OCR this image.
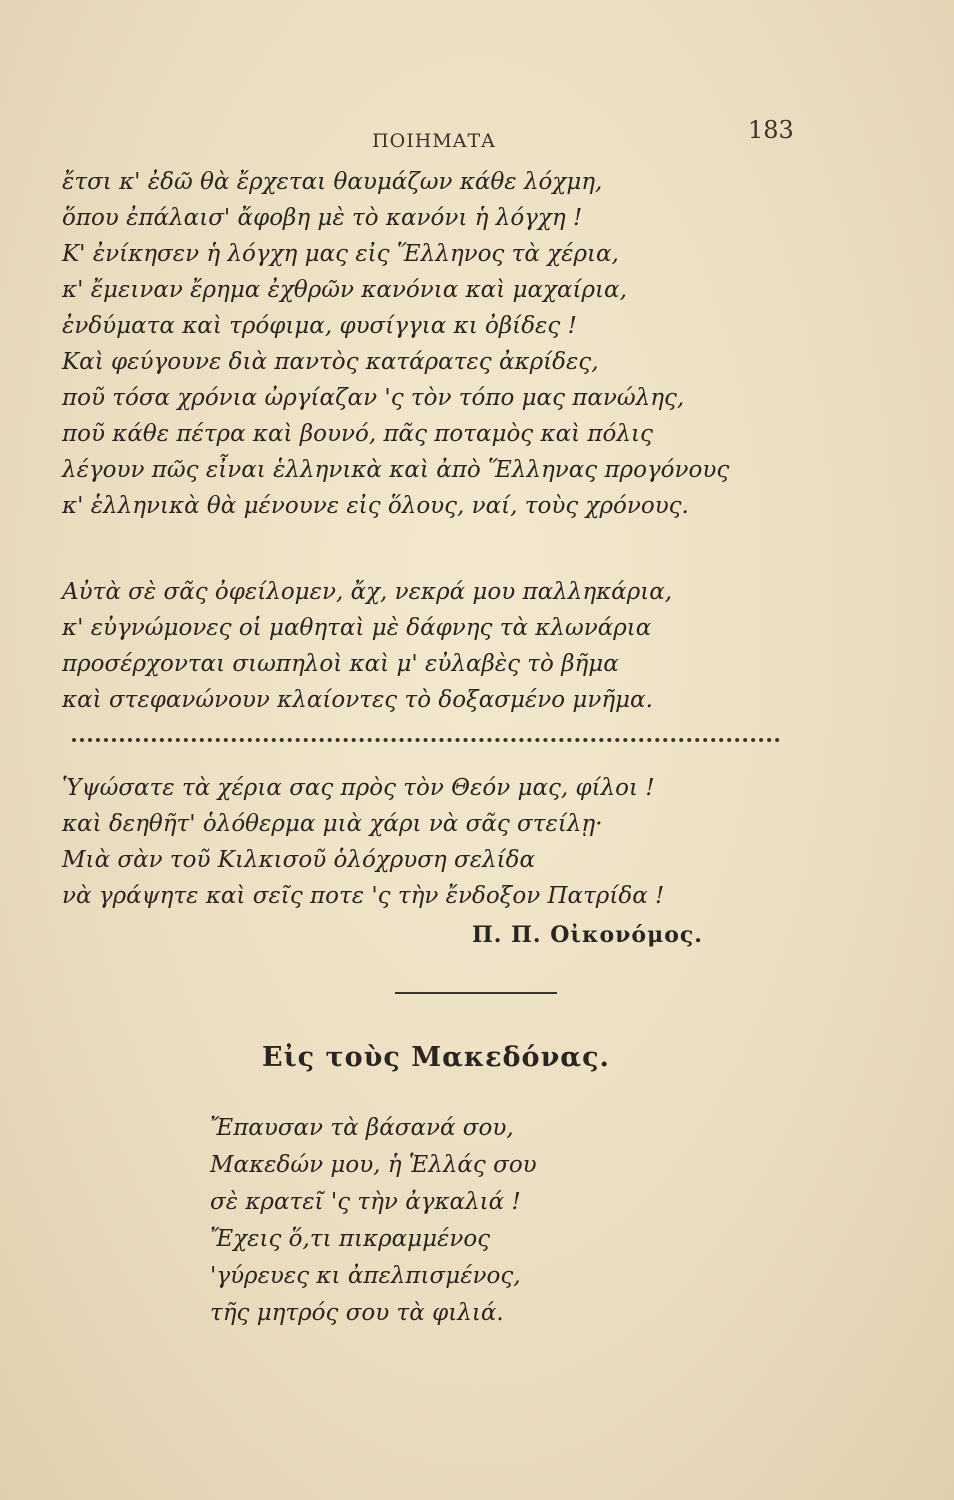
ΠΟΙΗΜΑΤΑ	183
ἔτσι κ' ἐδῶ θὰ ἔρχεται θαυμάζων κάθε λόχμη,
ὅπου ἐπάλαισ' ἄφοβη μὲ τὸ κανόνι ἡ λόγχη !
Κ' ἐνίκησεν ἡ λόγχη μας εἰς Ἕλληνος τὰ χέρια,
κ' ἔμειναν ἔρημα ἐχθρῶν κανόνια καὶ μαχαίρια,
ἐνδύματα καὶ τρόφιμα, φυσίγγια κι ὀβίδες !
Καὶ φεύγουνε διὰ παντὸς κατάρατες ἀκρίδες,
ποῦ τόσα χρόνια ὠργίαζαν 'ς τὸν τόπο μας πανώλης,
ποῦ κάθε πέτρα καὶ βουνό, πᾶς ποταμὸς καὶ πόλις
λέγουν πῶς εἶναι ἑλληνικὰ καὶ ἀπὸ Ἕλληνας προγόνους
κ' ἑλληνικὰ θὰ μένουνε εἰς ὅλους, ναί, τοὺς χρόνους.
Αὐτὰ σὲ σᾶς ὀφείλομεν, ἄχ, νεκρά μου παλληκάρια,
κ' εὐγνώμονες οἱ μαθηταὶ μὲ δάφνης τὰ κλωνάρια
προσέρχονται σιωπηλοὶ καὶ μ' εὐλαβὲς τὸ βῆμα
καὶ στεφανώνουν κλαίοντες τὸ δοξασμένο μνῆμα.
Ὑψώσατε τὰ χέρια σας πρὸς τὸν Θεόν μας, φίλοι !
καὶ δεηθῆτ' ὁλόθερμα μιὰ χάρι νὰ σᾶς στείλῃ·
Μιὰ σὰν τοῦ Κιλκισοῦ ὁλόχρυση σελίδα
νὰ γράψητε καὶ σεῖς ποτε 'ς τὴν ἔνδοξον Πατρίδα !
Π. Π. Οἰκονόμος.
Εἰς τοὺς Μακεδόνας.
Ἔπαυσαν τὰ βάσανά σου,
Μακεδών μου, ἡ Ἑλλάς σου
σὲ κρατεῖ 'ς τὴν ἀγκαλιά !
Ἔχεις ὅ,τι πικραμμένος
'γύρευες κι ἀπελπισμένος,
τῆς μητρός σου τὰ φιλιά.
